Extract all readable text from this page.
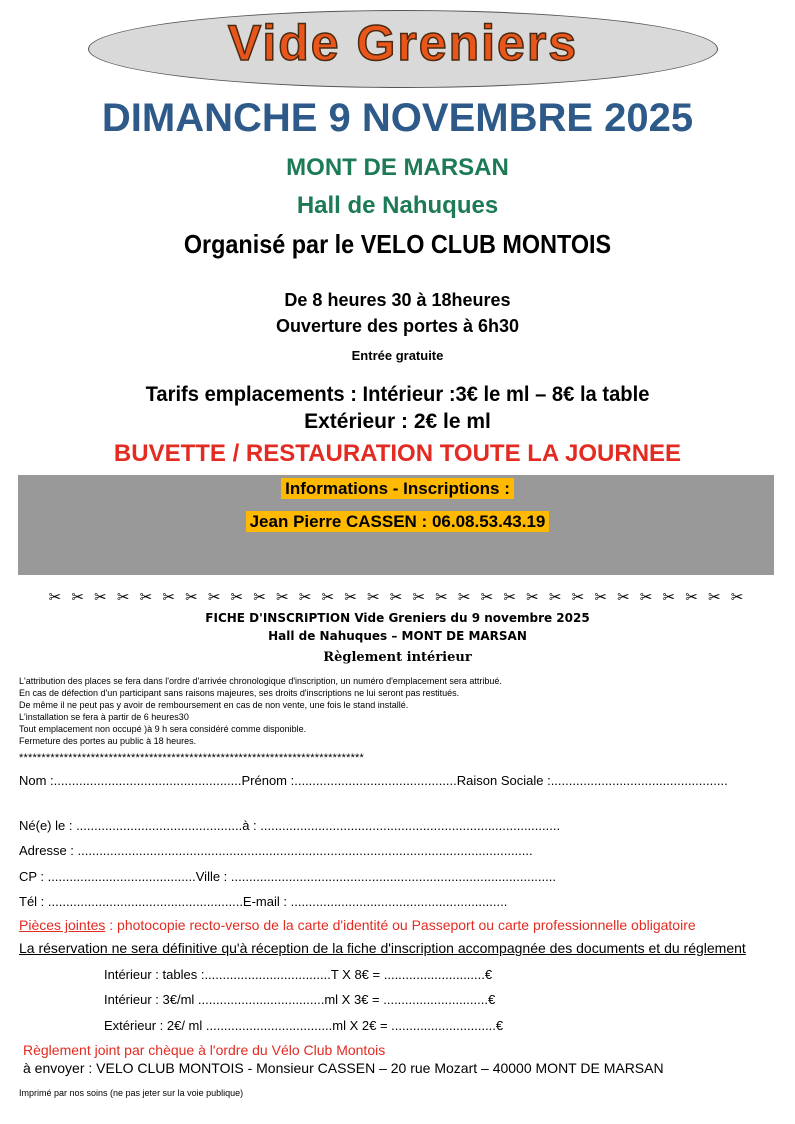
Vide Greniers
DIMANCHE 9 NOVEMBRE 2025
MONT DE MARSAN
Hall de Nahuques
Organisé par le VELO CLUB MONTOIS
De 8 heures 30 à 18heures
Ouverture des portes à 6h30
Entrée gratuite
Tarifs emplacements : Intérieur :3€ le ml – 8€ la table
Extérieur : 2€ le ml
BUVETTE / RESTAURATION TOUTE LA JOURNEE
Informations - Inscriptions :
Jean Pierre CASSEN : 06.08.53.43.19
✂ ✂ ✂ ✂ ✂ ✂ ✂ ✂ ✂ ✂ ✂ ✂ ✂ ✂ ✂ ✂ ✂ ✂ ✂ ✂ ✂ ✂ ✂ ✂ ✂ ✂ ✂ ✂ ✂ ✂ ✂
FICHE D'INSCRIPTION Vide Greniers du 9 novembre 2025
Hall de Nahuques – MONT DE MARSAN
Règlement intérieur
L'attribution des places se fera dans l'ordre d'arrivée chronologique d'inscription, un numéro d'emplacement sera attribué.
En cas de défection d'un participant sans raisons majeures, ses droits d'inscriptions ne lui seront pas restitués.
De même il ne peut pas y avoir de remboursement en cas de non vente, une fois le stand installé.
L'installation se fera à partir de 6 heures30
Tout emplacement non occupé )à 9 h sera considéré comme disponible.
Fermeture des portes au public à 18 heures.
*****************************************************************************
Nom :....................................................Prénom :.............................................Raison Sociale :.................................................
Né(e) le : ..............................................à : ...................................................................................
Adresse : ..............................................................................................................................
CP : .........................................Ville : ..........................................................................................
Tél : ......................................................E-mail : ............................................................
Pièces jointes : photocopie recto-verso de la carte d'identité ou Passeport ou carte professionnelle obligatoire
La réservation ne sera définitive qu'à réception de la fiche d'inscription accompagnée des documents et du réglement
Intérieur : tables :...................................T X 8€ = ............................€
Intérieur : 3€/ml ...................................ml X 3€ = .............................€
Extérieur : 2€/ ml ...................................ml X 2€ = .............................€
Règlement joint par chèque à l'ordre du Vélo Club Montois
à envoyer : VELO CLUB MONTOIS - Monsieur CASSEN – 20 rue Mozart – 40000 MONT DE MARSAN
Imprimé par nos soins (ne pas jeter sur la voie publique)
